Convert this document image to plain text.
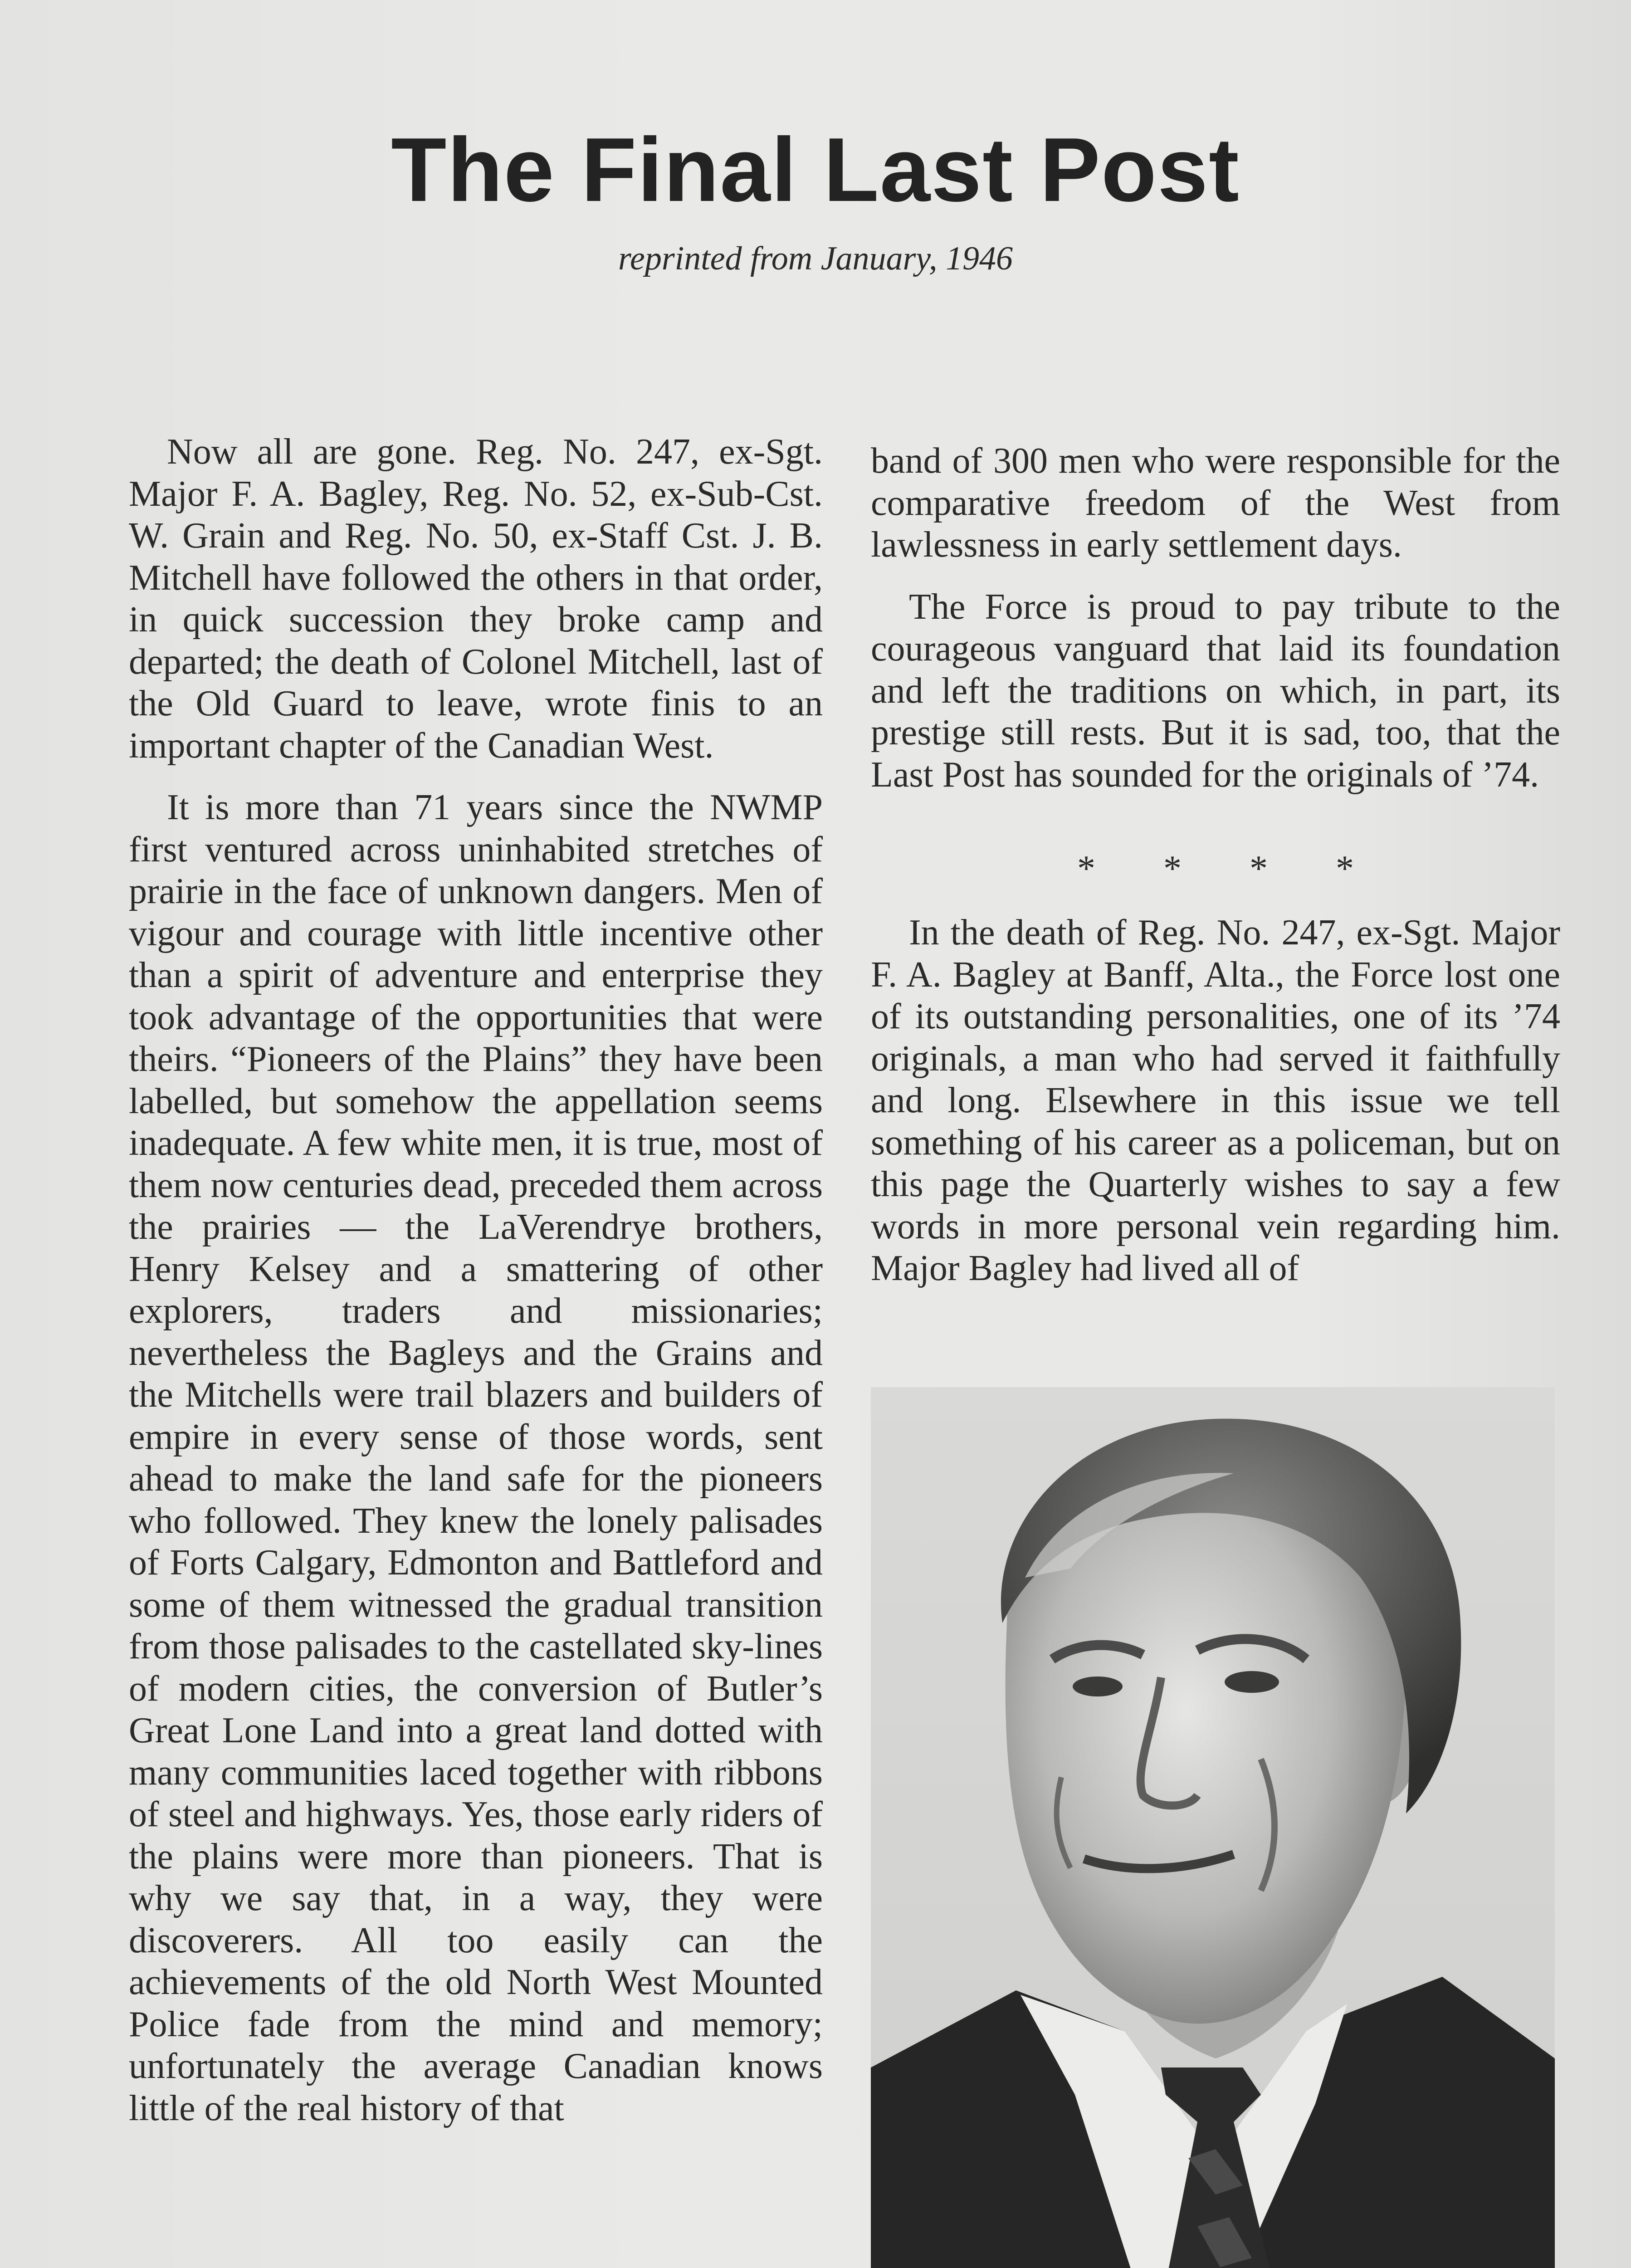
The Final Last Post
reprinted from January, 1946

Now all are gone. Reg. No. 247, ex-Sgt. Major F. A. Bagley, Reg. No. 52, ex-Sub-Cst. W. Grain and Reg. No. 50, ex-Staff Cst. J. B. Mitchell have followed the others in that order, in quick succession they broke camp and departed; the death of Colonel Mitchell, last of the Old Guard to leave, wrote finis to an important chapter of the Canadian West.

It is more than 71 years since the NWMP first ventured across uninhabited stretches of prairie in the face of unknown dangers. Men of vigour and courage with little incentive other than a spirit of adventure and enterprise they took advantage of the opportunities that were theirs. “Pioneers of the Plains” they have been labelled, but somehow the appellation seems inadequate. A few white men, it is true, most of them now centuries dead, preceded them across the prairies — the LaVerendrye brothers, Henry Kelsey and a smattering of other explorers, traders and missionaries; nevertheless the Bagleys and the Grains and the Mitchells were trail blazers and builders of empire in every sense of those words, sent ahead to make the land safe for the pioneers who followed. They knew the lonely palisades of Forts Calgary, Edmonton and Battleford and some of them witnessed the gradual transition from those palisades to the castellated sky-lines of modern cities, the conversion of Butler’s Great Lone Land into a great land dotted with many communities laced together with ribbons of steel and highways. Yes, those early riders of the plains were more than pioneers. That is why we say that, in a way, they were discoverers. All too easily can the achievements of the old North West Mounted Police fade from the mind and memory; unfortunately the average Canadian knows little of the real history of that

band of 300 men who were responsible for the comparative freedom of the West from lawlessness in early settlement days.

The Force is proud to pay tribute to the courageous vanguard that laid its foundation and left the traditions on which, in part, its prestige still rests. But it is sad, too, that the Last Post has sounded for the originals of ’74.

* * * *

In the death of Reg. No. 247, ex-Sgt. Major F. A. Bagley at Banff, Alta., the Force lost one of its outstanding personalities, one of its ’74 originals, a man who had served it faithfully and long. Elsewhere in this issue we tell something of his career as a policeman, but on this page the Quarterly wishes to say a few words in more personal vein regarding him. Major Bagley had lived all of
